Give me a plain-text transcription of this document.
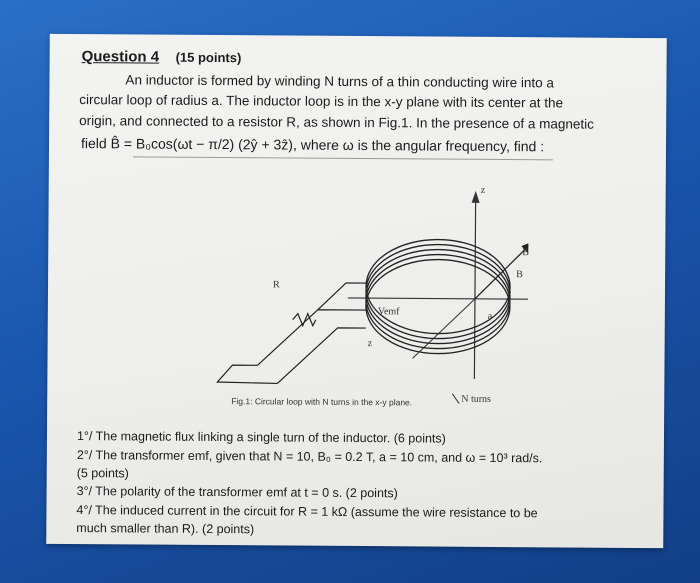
Question 4 (15 points)
An inductor is formed by winding N turns of a thin conducting wire into a
circular loop of radius a. The inductor loop is in the x-y plane with its center at the
origin, and connected to a resistor R, as shown in Fig.1. In the presence of a magnetic
field B̂ = B₀cos(ωt − π/2) (2ŷ + 3ẑ), where ω is the angular frequency, find :
B
B
R
Vemf	a
z
z
N turns
Fig.1: Circular loop with N turns in the x-y plane.
1°/ The magnetic flux linking a single turn of the inductor. (6 points)
2°/ The transformer emf, given that N = 10, B₀ = 0.2 T, a = 10 cm, and ω = 10³ rad/s.
(5 points)
3°/ The polarity of the transformer emf at t = 0 s. (2 points)
4°/ The induced current in the circuit for R = 1 kΩ (assume the wire resistance to be
much smaller than R). (2 points)
